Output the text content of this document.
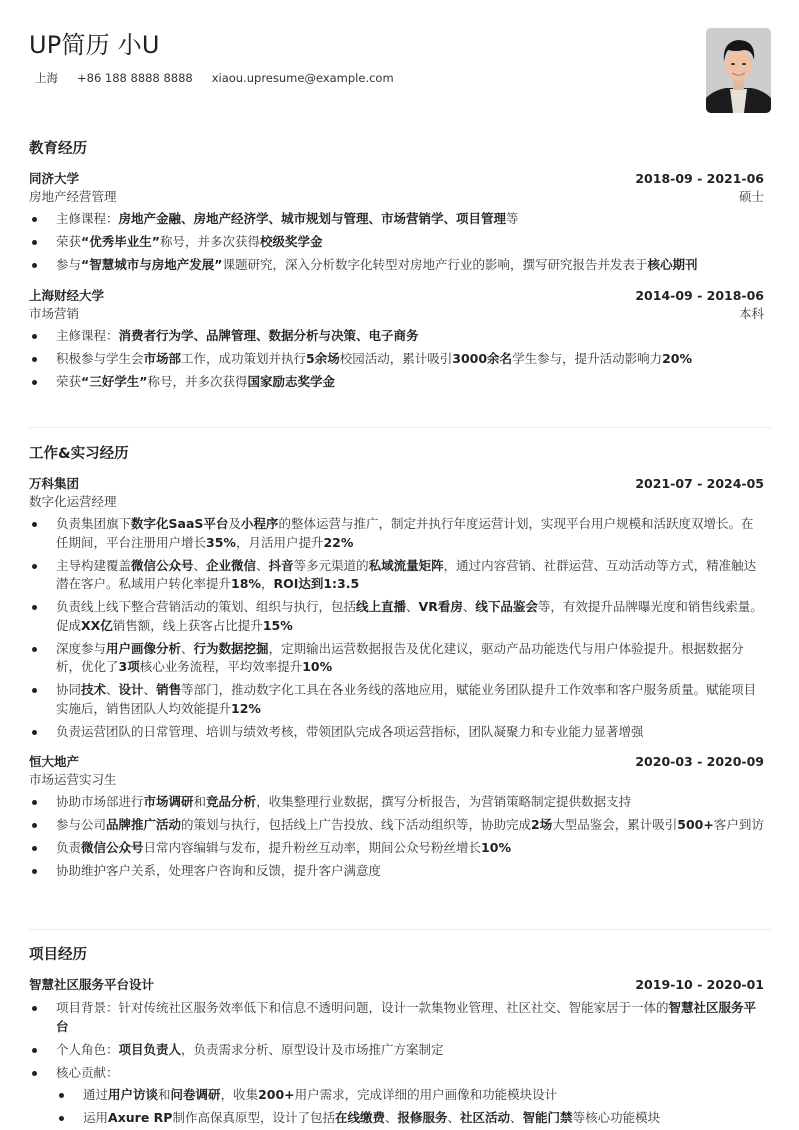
UP简历 小U
上海 +86 188 8888 8888 xiaou.upresume@example.com
教育经历
同济大学	2018-09 - 2021-06
房地产经营管理	硕士
主修课程：房地产金融、房地产经济学、城市规划与管理、市场营销学、项目管理等
荣获“优秀毕业生”称号，并多次获得校级奖学金
参与“智慧城市与房地产发展”课题研究，深入分析数字化转型对房地产行业的影响，撰写研究报告并发表于核心期刊
上海财经大学	2014-09 - 2018-06
市场营销	本科
主修课程：消费者行为学、品牌管理、数据分析与决策、电子商务
积极参与学生会市场部工作，成功策划并执行5余场校园活动，累计吸引3000余名学生参与，提升活动影响力20%
荣获“三好学生”称号，并多次获得国家励志奖学金
工作&实习经历
万科集团	2021-07 - 2024-05
数字化运营经理
负责集团旗下数字化SaaS平台及小程序的整体运营与推广，制定并执行年度运营计划，实现平台用户规模和活跃度双增长。在任期间，平台注册用户增长35%，月活用户提升22%
主导构建覆盖微信公众号、企业微信、抖音等多元渠道的私域流量矩阵，通过内容营销、社群运营、互动活动等方式，精准触达潜在客户。私域用户转化率提升18%，ROI达到1:3.5
负责线上线下整合营销活动的策划、组织与执行，包括线上直播、VR看房、线下品鉴会等，有效提升品牌曝光度和销售线索量。促成XX亿销售额，线上获客占比提升15%
深度参与用户画像分析、行为数据挖掘，定期输出运营数据报告及优化建议，驱动产品功能迭代与用户体验提升。根据数据分析，优化了3项核心业务流程，平均效率提升10%
协同技术、设计、销售等部门，推动数字化工具在各业务线的落地应用，赋能业务团队提升工作效率和客户服务质量。赋能项目实施后，销售团队人均效能提升12%
负责运营团队的日常管理、培训与绩效考核，带领团队完成各项运营指标，团队凝聚力和专业能力显著增强
恒大地产	2020-03 - 2020-09
市场运营实习生
协助市场部进行市场调研和竞品分析，收集整理行业数据，撰写分析报告，为营销策略制定提供数据支持
参与公司品牌推广活动的策划与执行，包括线上广告投放、线下活动组织等，协助完成2场大型品鉴会，累计吸引500+客户到访
负责微信公众号日常内容编辑与发布，提升粉丝互动率，期间公众号粉丝增长10%
协助维护客户关系，处理客户咨询和反馈，提升客户满意度
项目经历
智慧社区服务平台设计	2019-10 - 2020-01
项目背景：针对传统社区服务效率低下和信息不透明问题，设计一款集物业管理、社区社交、智能家居于一体的智慧社区服务平台
个人角色：项目负责人，负责需求分析、原型设计及市场推广方案制定
核心贡献：
通过用户访谈和问卷调研，收集200+用户需求，完成详细的用户画像和功能模块设计
运用Axure RP制作高保真原型，设计了包括在线缴费、报修服务、社区活动、智能门禁等核心功能模块
